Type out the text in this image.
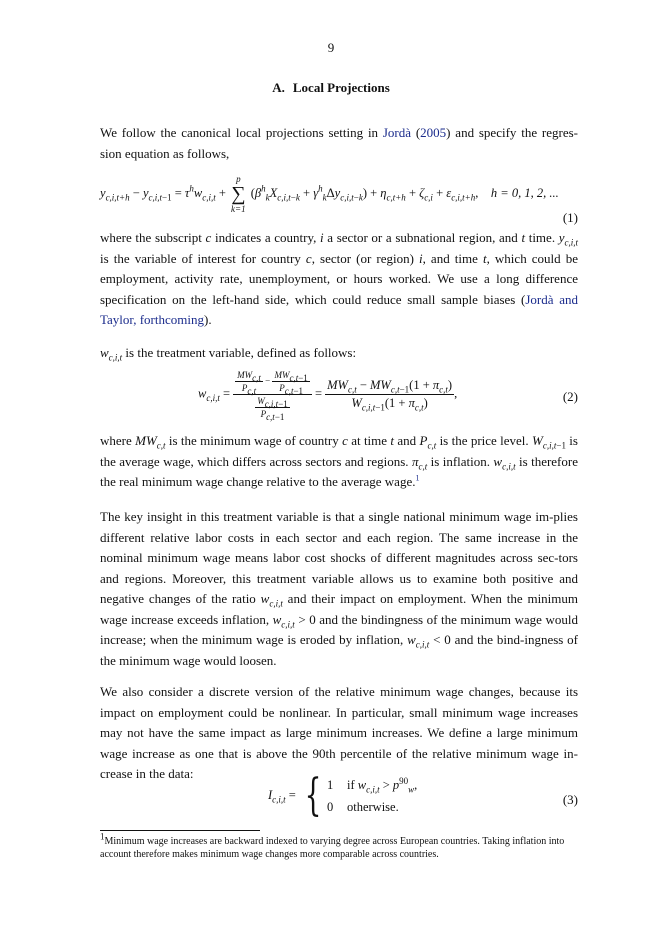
9
A. Local Projections

We follow the canonical local projections setting in Jordà (2005) and specify the regres-sion equation as follows,

$y_{c,i,t+h} - y_{c,i,t-1} = \tau^hw_{c,i,t}$ +
p
∑
k=1
$(\beta^h_kX_{c,i,t-k} + \gamma^h_k\Delta y_{c,i,t-k}) + \eta_{c,t+h} + \zeta_{c,i} + \varepsilon_{c,i,t+h}$,    h = 0, 1, 2, ...
(1)

where the subscript c indicates a country, i a sector or a subnational region, and t time. $y_{c,i,t}$ is the variable of interest for country c, sector (or region) i, and time t, which could be employment, activity rate, unemployment, or hours worked. We use a long difference specification on the left-hand side, which could reduce small sample biases (Jordà and Taylor, forthcoming).

$w_{c,i,t}$ is the treatment variable, defined as follows:

$w_{c,i,t} = \frac{\frac{MW_{c,t}}{P_{c,t}} - \frac{MW_{c,t-1}}{P_{c,t-1}}}{\frac{W_{c,i,t-1}}{P_{c,t-1}}} = \frac{MW_{c,t} - MW_{c,t-1}(1 + \pi_{c,t})}{W_{c,i,t-1}(1 + \pi_{c,t})}$ ,	(2)

where $MW_{c,t}$ is the minimum wage of country c at time t and $P_{c,t}$ is the price level. $W_{c,i,t-1}$ is the average wage, which differs across sectors and regions. $\pi_{c,t}$ is inflation. $w_{c,i,t}$ is therefore the real minimum wage change relative to the average wage.$^1$

The key insight in this treatment variable is that a single national minimum wage im-plies different relative labor costs in each sector and each region. The same increase in the nominal minimum wage means labor cost shocks of different magnitudes across sec-tors and regions. Moreover, this treatment variable allows us to examine both positive and negative changes of the ratio $w_{c,i,t}$ and their impact on employment. When the minimum wage increase exceeds inflation, $w_{c,i,t} > 0$ and the bindingness of the minimum wage would increase; when the minimum wage is eroded by inflation, $w_{c,i,t} < 0$ and the bind-ingness of the minimum wage would loosen.

We also consider a discrete version of the relative minimum wage changes, because its impact on employment could be nonlinear. In particular, small minimum wage increases may not have the same impact as large minimum increases. We define a large minimum wage increase as one that is above the 90th percentile of the relative minimum wage in-crease in the data:

$I_{c,i,t}$ = { 1 if $w_{c,i,t} > p^{90}_w$,
0 otherwise.	(3)
$^1$Minimum wage increases are backward indexed to varying degree across European countries. Taking inflation into account therefore makes minimum wage changes more comparable across countries.
